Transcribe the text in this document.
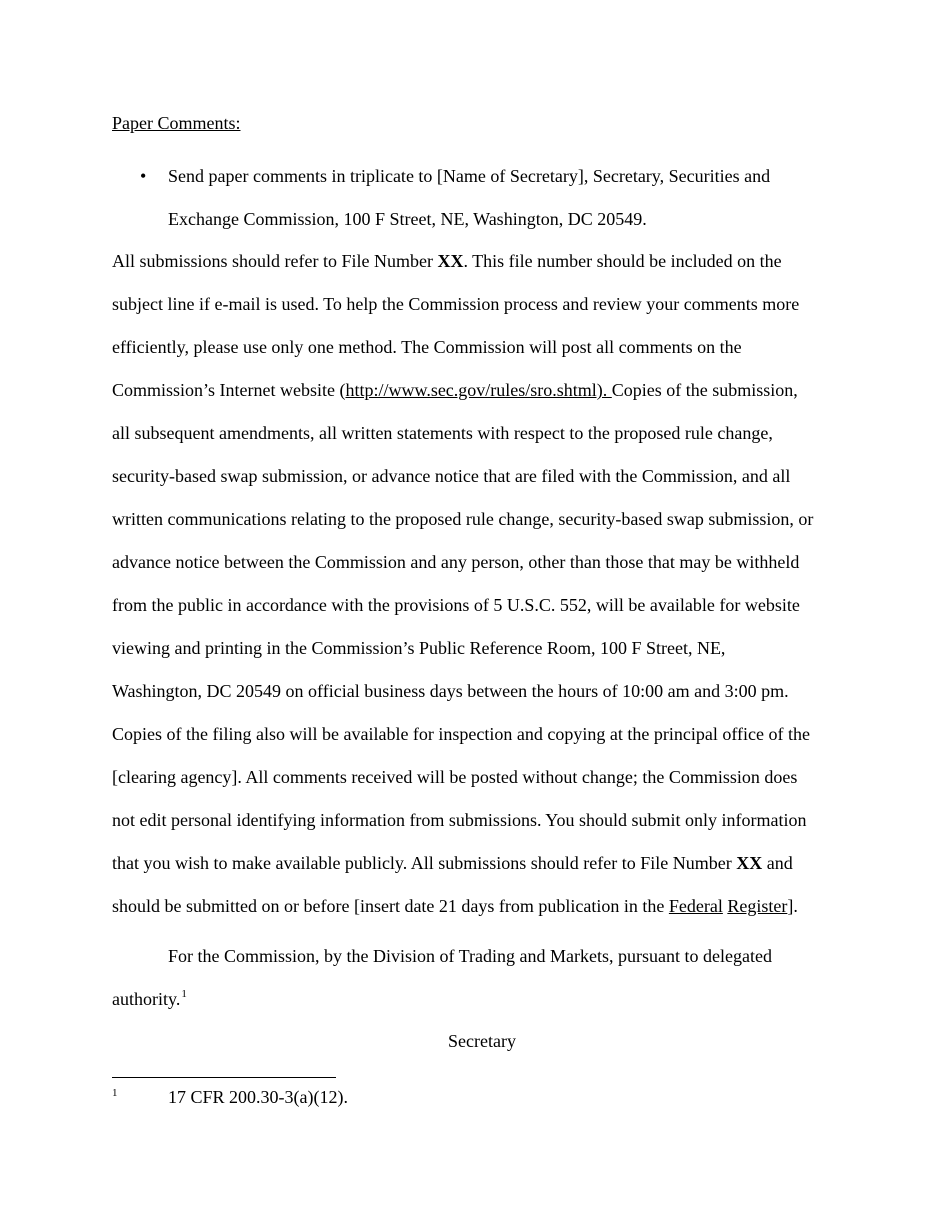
Paper Comments:
• Send paper comments in triplicate to [Name of Secretary], Secretary, Securities and
Exchange Commission, 100 F Street, NE, Washington, DC 20549.
All submissions should refer to File Number XX. This file number should be included on the
subject line if e-mail is used. To help the Commission process and review your comments more
efficiently, please use only one method. The Commission will post all comments on the
Commission’s Internet website (http://www.sec.gov/rules/sro.shtml). Copies of the submission,
all subsequent amendments, all written statements with respect to the proposed rule change,
security-based swap submission, or advance notice that are filed with the Commission, and all
written communications relating to the proposed rule change, security-based swap submission, or
advance notice between the Commission and any person, other than those that may be withheld
from the public in accordance with the provisions of 5 U.S.C. 552, will be available for website
viewing and printing in the Commission’s Public Reference Room, 100 F Street, NE,
Washington, DC 20549 on official business days between the hours of 10:00 am and 3:00 pm.
Copies of the filing also will be available for inspection and copying at the principal office of the
[clearing agency]. All comments received will be posted without change; the Commission does
not edit personal identifying information from submissions. You should submit only information
that you wish to make available publicly. All submissions should refer to File Number XX and
should be submitted on or before [insert date 21 days from publication in the Federal Register].
For the Commission, by the Division of Trading and Markets, pursuant to delegated
authority.$^1$
Secretary
1	17 CFR 200.30-3(a)(12).
